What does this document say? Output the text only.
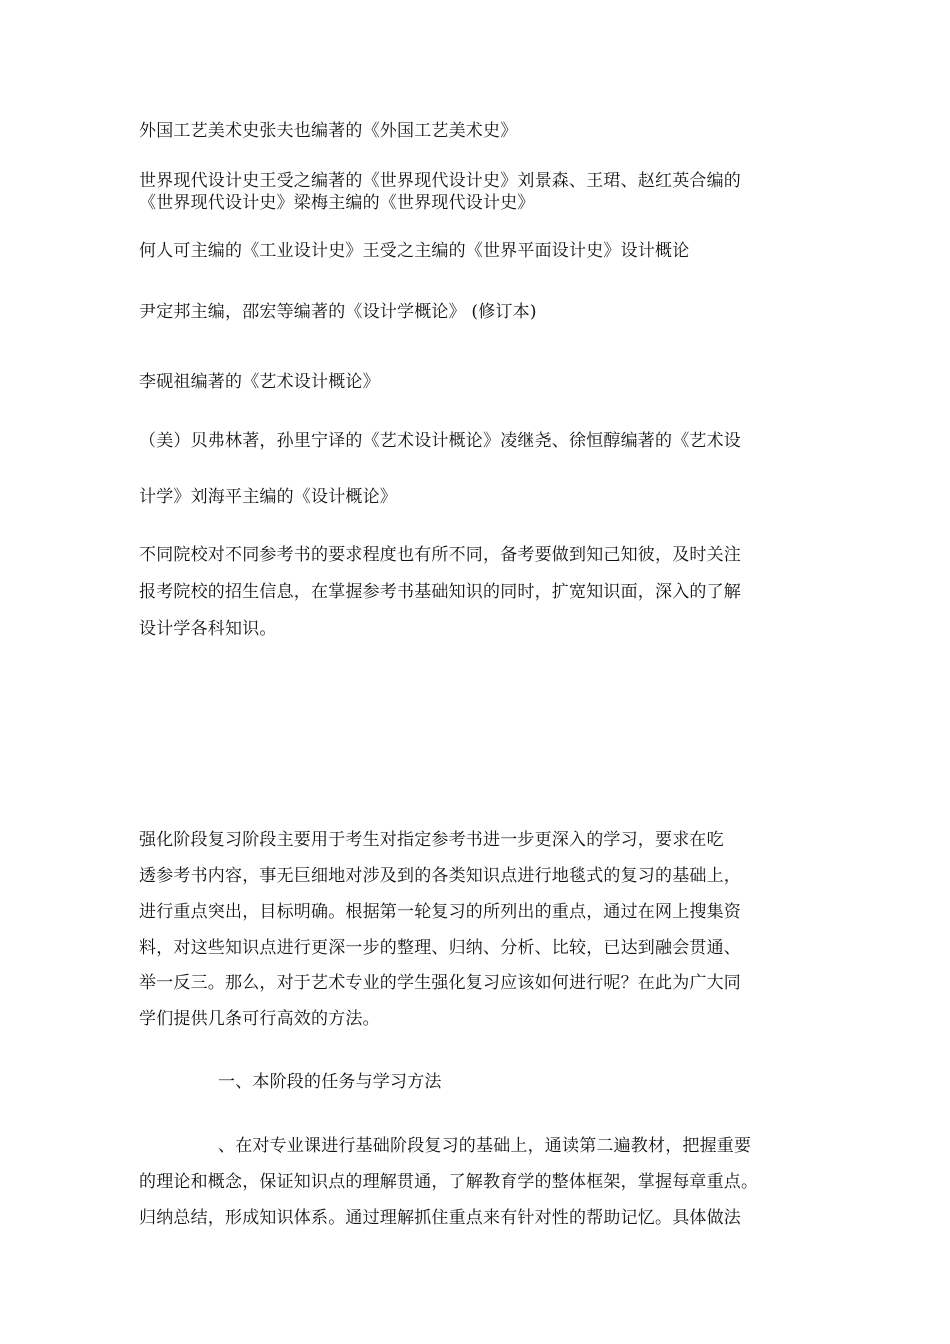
外国工艺美术史张夫也编著的《外国工艺美术史》
世界现代设计史王受之编著的《世界现代设计史》刘景森、王珺、赵红英合编的
《世界现代设计史》梁梅主编的《世界现代设计史》
何人可主编的《工业设计史》王受之主编的《世界平面设计史》设计概论
尹定邦主编，邵宏等编著的《设计学概论》 (修订本)
李砚祖编著的《艺术设计概论》
（美）贝弗林著，孙里宁译的《艺术设计概论》凌继尧、徐恒醇编著的《艺术设
计学》刘海平主编的《设计概论》
不同院校对不同参考书的要求程度也有所不同，备考要做到知己知彼，及时关注
报考院校的招生信息，在掌握参考书基础知识的同时，扩宽知识面，深入的了解
设计学各科知识。
强化阶段复习阶段主要用于考生对指定参考书进一步更深入的学习，要求在吃
透参考书内容，事无巨细地对涉及到的各类知识点进行地毯式的复习的基础上，
进行重点突出，目标明确。根据第一轮复习的所列出的重点，通过在网上搜集资
料，对这些知识点进行更深一步的整理、归纳、分析、比较，已达到融会贯通、
举一反三。那么，对于艺术专业的学生强化复习应该如何进行呢？在此为广大同
学们提供几条可行高效的方法。
一、本阶段的任务与学习方法
、在对专业课进行基础阶段复习的基础上，通读第二遍教材，把握重要
的理论和概念，保证知识点的理解贯通，了解教育学的整体框架，掌握每章重点。
归纳总结，形成知识体系。通过理解抓住重点来有针对性的帮助记忆。具体做法
